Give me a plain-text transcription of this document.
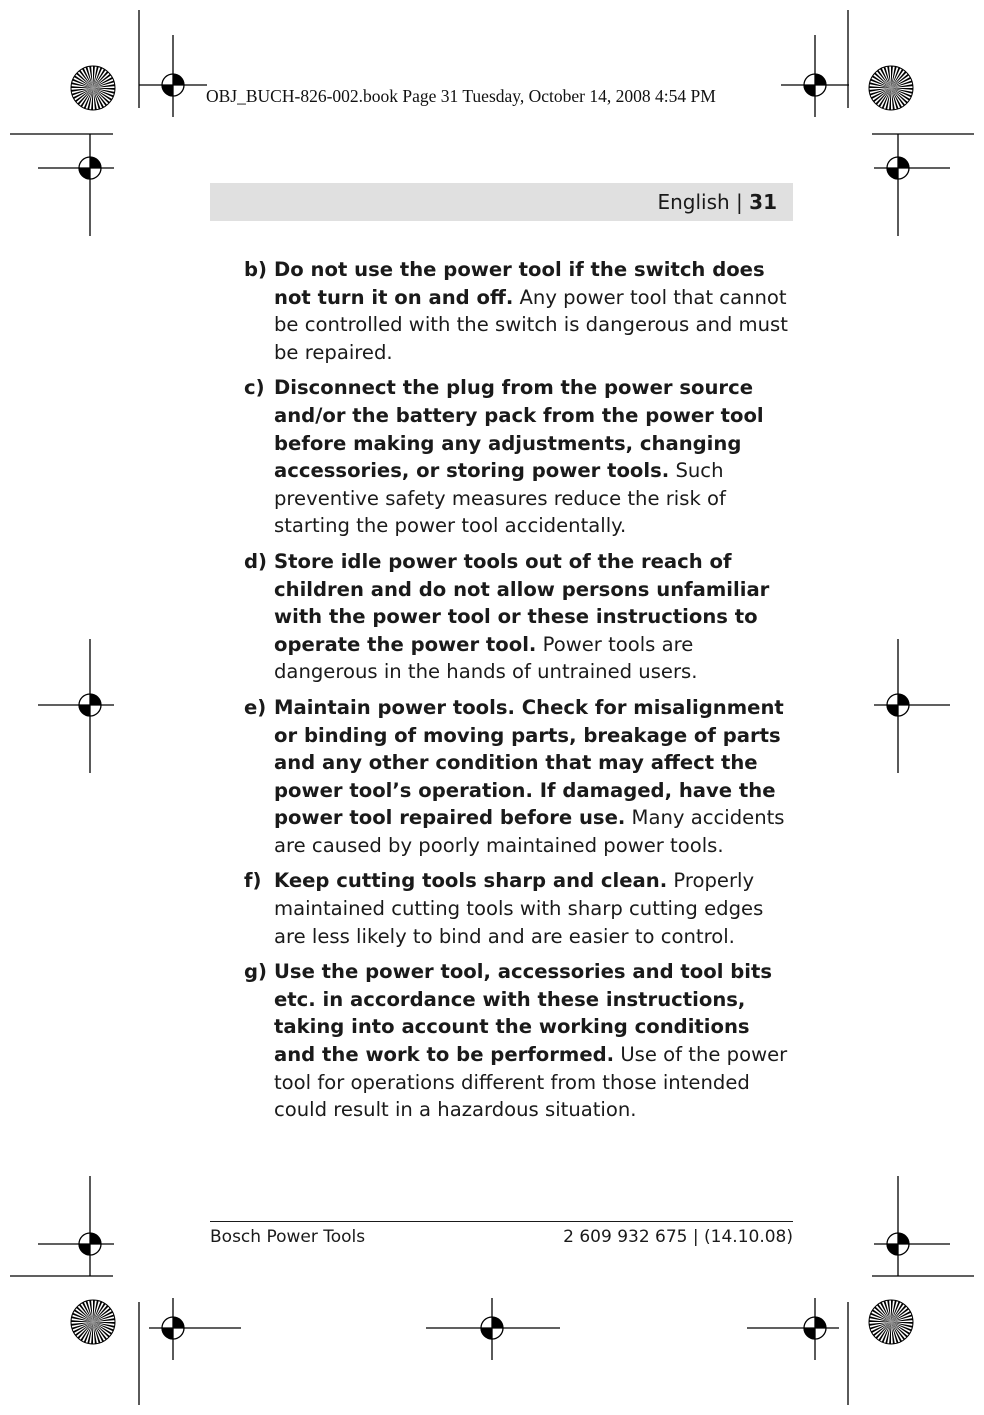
OBJ_BUCH-826-002.book Page 31 Tuesday, October 14, 2008 4:54 PM
English | 31
b) Do not use the power tool if the switch does not turn it on and off. Any power tool that cannot be controlled with the switch is dangerous and must be repaired.
c) Disconnect the plug from the power source and/or the battery pack from the power tool before making any adjustments, changing accessories, or storing power tools. Such preventive safety measures reduce the risk of starting the power tool accidentally.
d) Store idle power tools out of the reach of children and do not allow persons unfamiliar with the power tool or these instructions to operate the power tool. Power tools are dangerous in the hands of untrained users.
e) Maintain power tools. Check for misalignment or binding of moving parts, breakage of parts and any other condition that may affect the power tool’s operation. If damaged, have the power tool repaired before use. Many accidents are caused by poorly maintained power tools.
f) Keep cutting tools sharp and clean. Properly maintained cutting tools with sharp cutting edges are less likely to bind and are easier to control.
g) Use the power tool, accessories and tool bits etc. in accordance with these instructions, taking into account the working conditions and the work to be performed. Use of the power tool for operations different from those intended could result in a hazardous situation.
Bosch Power Tools	2 609 932 675 | (14.10.08)
